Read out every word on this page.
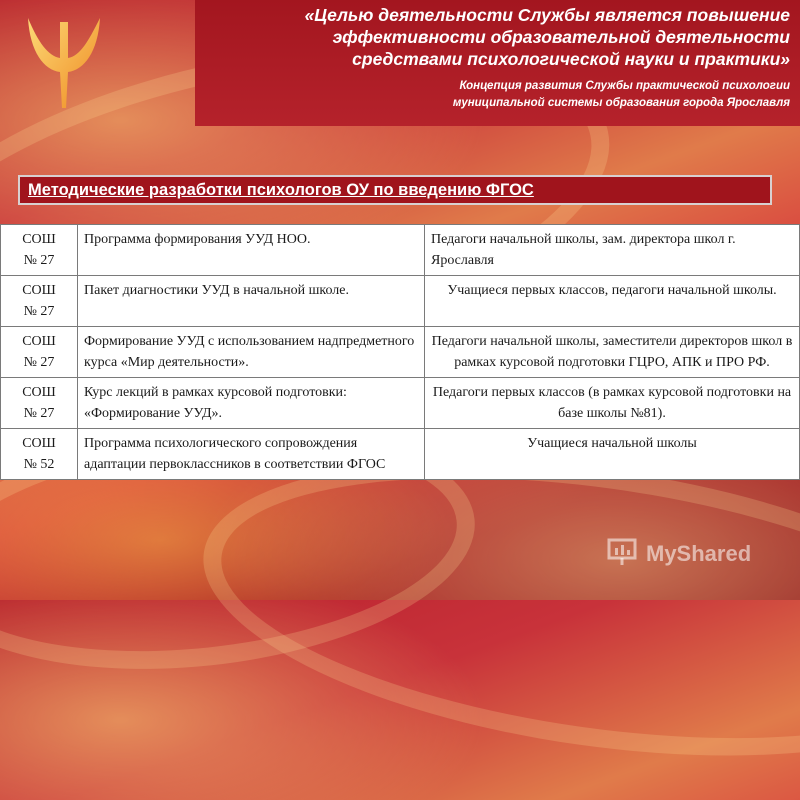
«Целью деятельности Службы является повышение
эффективности образовательной деятельности
средствами психологической науки и практики»
Концепция развития Службы практической психологии
муниципальной системы образования города Ярославля
Методические разработки психологов ОУ по введению ФГОС
СОШ
№ 27	Программа формирования УУД НОО.	Педагоги начальной школы, зам. директора школ г. Ярославля

СОШ
№ 27	Пакет диагностики УУД в начальной школе.	Учащиеся первых классов, педагоги начальной школы.

СОШ
№ 27	Формирование УУД с использованием надпредметного курса «Мир деятельности».	Педагоги начальной школы, заместители директоров школ в рамках курсовой подготовки ГЦРО, АПК и ПРО РФ.

СОШ
№ 27	Курс лекций в рамках курсовой подготовки: «Формирование УУД».	Педагоги первых классов (в рамках курсовой подготовки на базе школы №81).

СОШ
№ 52	Программа психологического сопровождения адаптации первоклассников в соответствии ФГОС	Учащиеся начальной школы
MyShared
